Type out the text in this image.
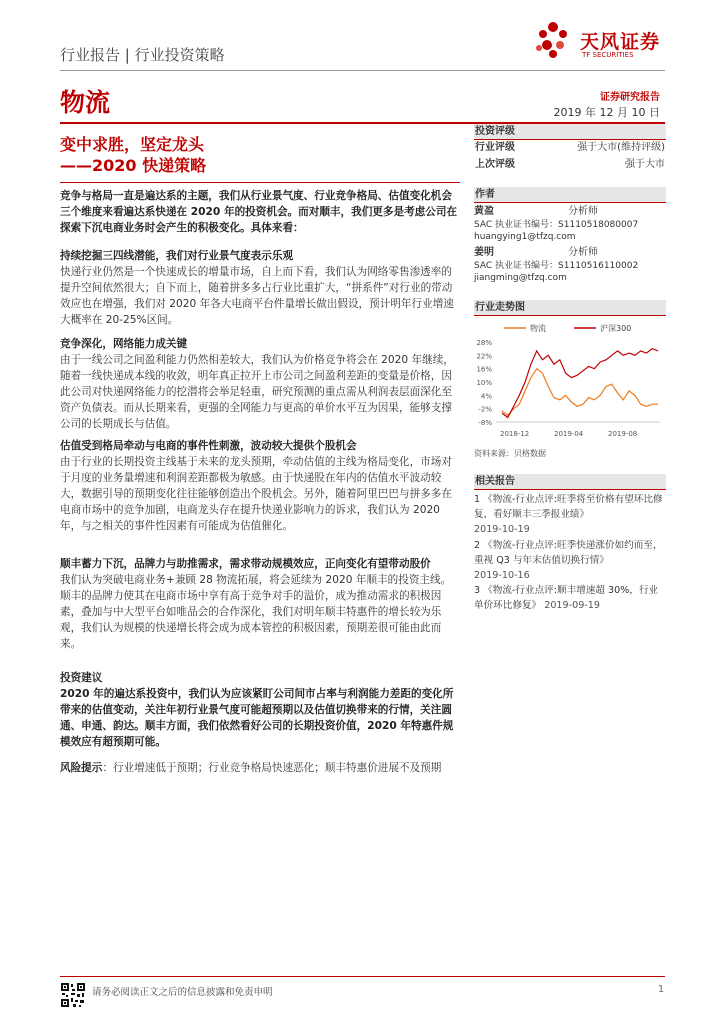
行业报告 | 行业投资策略
天风证券
TF SECURITIES
物流	证券研究报告
2019 年 12 月 10 日
变中求胜，坚定龙头
——2020 快递策略

竞争与格局一直是遍达系的主题，我们从行业景气度、行业竞争格局、估值变化机会三个维度来看遍达系快递在 2020 年的投资机会。而对顺丰，我们更多是考虑公司在探索下沉电商业务时会产生的积极变化。具体来看：

持续挖掘三四线潜能，我们对行业景气度表示乐观

快递行业仍然是一个快速成长的增量市场，自上而下看，我们认为网络零售渗透率的提升空间依然很大；自下而上，随着拼多多占行业比重扩大，“拼系件”对行业的带动效应也在增强，我们对 2020 年各大电商平台件量增长做出假设，预计明年行业增速大概率在 20-25%区间。

竞争深化，网络能力成关键

由于一线公司之间盈利能力仍然相差较大，我们认为价格竞争将会在 2020 年继续，随着一线快递成本线的收敛，明年真正拉开上市公司之间盈利差距的变量是价格，因此公司对快递网络能力的挖潜将会举足轻重，研究预测的重点需从利润表层面深化至资产负债表。而从长期来看，更强的全网能力与更高的单价水平互为因果，能够支撑公司的长期成长与估值。

估值受到格局牵动与电商的事件性刺激，波动较大提供个股机会

由于行业的长期投资主线基于未来的龙头预期，牵动估值的主线为格局变化，市场对于月度的业务量增速和利润差距都极为敏感。由于快递股在年内的估值水平波动较大，数据引导的预期变化往往能够创造出个股机会。另外，随着阿里巴巴与拼多多在电商市场中的竞争加剧，电商龙头存在提升快递业影响力的诉求，我们认为 2020 年，与之相关的事件性因素有可能成为估值催化。

顺丰蓄力下沉，品牌力与助推需求，需求带动规模效应，正向变化有望带动股价

我们认为突破电商业务+兼顾 28 物流拓展，将会延续为 2020 年顺丰的投资主线。顺丰的品牌力使其在电商市场中享有高于竞争对手的溢价，成为推动需求的积极因素，叠加与中大型平台如唯品会的合作深化，我们对明年顺丰特惠件的增长较为乐观，我们认为规模的快递增长将会成为成本管控的积极因素，预期差很可能由此而来。

投资建议

2020 年的遍达系投资中，我们认为应该紧盯公司间市占率与利润能力差距的变化所带来的估值变动，关注年初行业景气度可能超预期以及估值切换带来的行情，关注圆通、申通、韵达。顺丰方面，我们依然看好公司的长期投资价值，2020 年特惠件规模效应有超预期可能。

风险提示：行业增速低于预期；行业竞争格局快速恶化；顺丰特惠价进展不及预期

投资评级
行业评级	强于大市(维持评级)
上次评级	强于大市
作者
黄盈	分析师
SAC 执业证书编号：S1110518080007
huangying1@tfzq.com
姜明	分析师
SAC 执业证书编号：S1110516110002
jiangming@tfzq.com
行业走势图
物流	沪深300
28%
22%
16%
10%
4%
-2%
-8%
2018-12	2019-04	2019-08
资料来源：贝格数据
相关报告
1 《物流-行业点评:旺季将至价格有望环比修复，看好顺丰三季报业绩》
2019-10-19
2 《物流-行业点评:旺季快递涨价如约而至，重视 Q3 与年末估值切换行情》
2019-10-16
3 《物流-行业点评:顺丰增速超 30%，行业单价环比修复》 2019-09-19
请务必阅读正文之后的信息披露和免责申明	1
